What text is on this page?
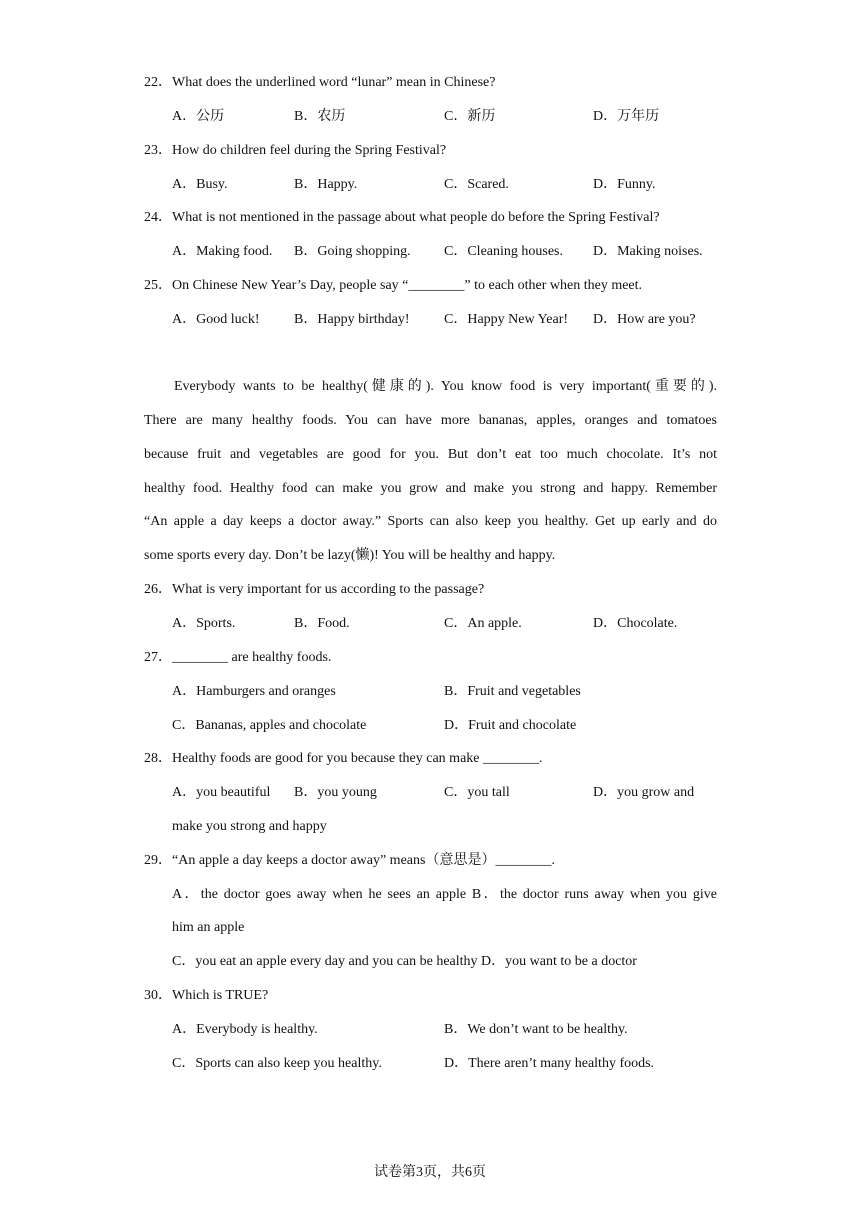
22．What does the underlined word “lunar” mean in Chinese?
A．公历	B．农历	C．新历	D．万年历
23．How do children feel during the Spring Festival?
A．Busy.	B．Happy.	C．Scared.	D．Funny.
24．What is not mentioned in the passage about what people do before the Spring Festival?
A．Making food. B．Going shopping. C．Cleaning houses. D．Making noises.
25．On Chinese New Year’s Day, people say “________” to each other when they meet.
A．Good luck! B．Happy birthday! C．Happy New Year! D．How are you?
Everybody wants to be healthy(健康的). You know food is very important(重要的).
There are many healthy foods. You can have more bananas, apples, oranges and tomatoes
because fruit and vegetables are good for you. But don’t eat too much chocolate. It’s not
healthy food. Healthy food can make you grow and make you strong and happy. Remember
“An apple a day keeps a doctor away.” Sports can also keep you healthy. Get up early and do
some sports every day. Don’t be lazy(懒)! You will be healthy and happy.
26．What is very important for us according to the passage?
A．Sports.	B．Food.	C．An apple.	D．Chocolate.
27．________ are healthy foods.
A．Hamburgers and oranges	B．Fruit and vegetables
C．Bananas, apples and chocolate	D．Fruit and chocolate
28．Healthy foods are good for you because they can make ________.
A．you beautiful B．you young	C．you tall	D．you grow and
make you strong and happy
29．“An apple a day keeps a doctor away” means（意思是）________.
A．the doctor goes away when he sees an apple B．the doctor runs away when you give
him an apple
C．you eat an apple every day and you can be healthy D．you want to be a doctor
30．Which is TRUE?
A．Everybody is healthy.	B．We don’t want to be healthy.
C．Sports can also keep you healthy.	D．There aren’t many healthy foods.
试卷第3页，共6页
